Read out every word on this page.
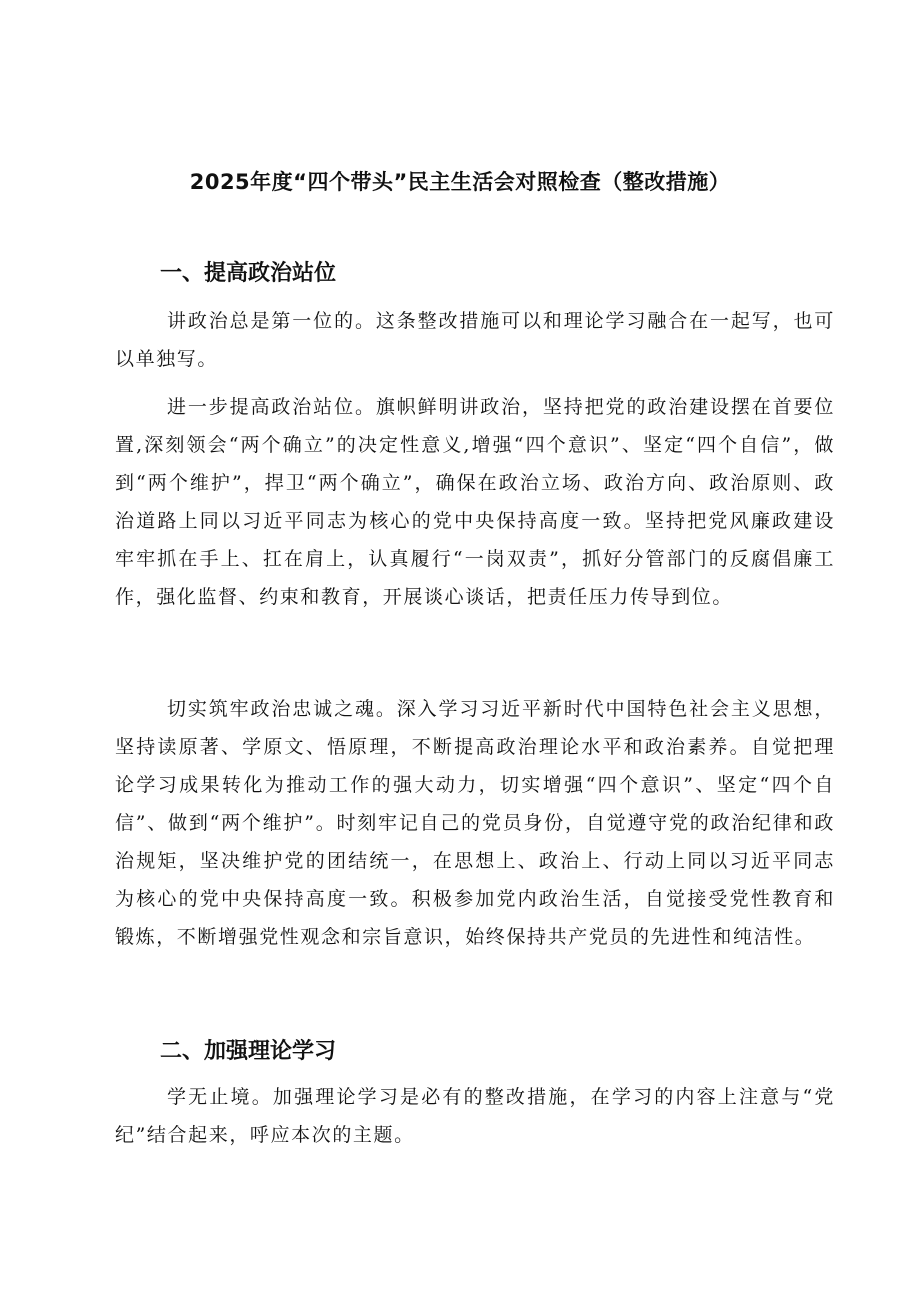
2025年度“四个带头”民主生活会对照检查（整改措施）
一、提高政治站位

讲政治总是第一位的。这条整改措施可以和理论学习融合在一起写，也可以单独写。

进一步提高政治站位。旗帜鲜明讲政治，坚持把党的政治建设摆在首要位置,深刻领会“两个确立”的决定性意义,增强“四个意识”、坚定“四个自信”，做到“两个维护”，捍卫“两个确立”，确保在政治立场、政治方向、政治原则、政治道路上同以习近平同志为核心的党中央保持高度一致。坚持把党风廉政建设牢牢抓在手上、扛在肩上，认真履行“一岗双责”，抓好分管部门的反腐倡廉工作，强化监督、约束和教育，开展谈心谈话，把责任压力传导到位。

切实筑牢政治忠诚之魂。深入学习习近平新时代中国特色社会主义思想，坚持读原著、学原文、悟原理，不断提高政治理论水平和政治素养。自觉把理论学习成果转化为推动工作的强大动力，切实增强“四个意识”、坚定“四个自信”、做到“两个维护”。时刻牢记自己的党员身份，自觉遵守党的政治纪律和政治规矩，坚决维护党的团结统一，在思想上、政治上、行动上同以习近平同志为核心的党中央保持高度一致。积极参加党内政治生活，自觉接受党性教育和锻炼，不断增强党性观念和宗旨意识，始终保持共产党员的先进性和纯洁性。

二、加强理论学习

学无止境。加强理论学习是必有的整改措施，在学习的内容上注意与“党纪”结合起来，呼应本次的主题。
